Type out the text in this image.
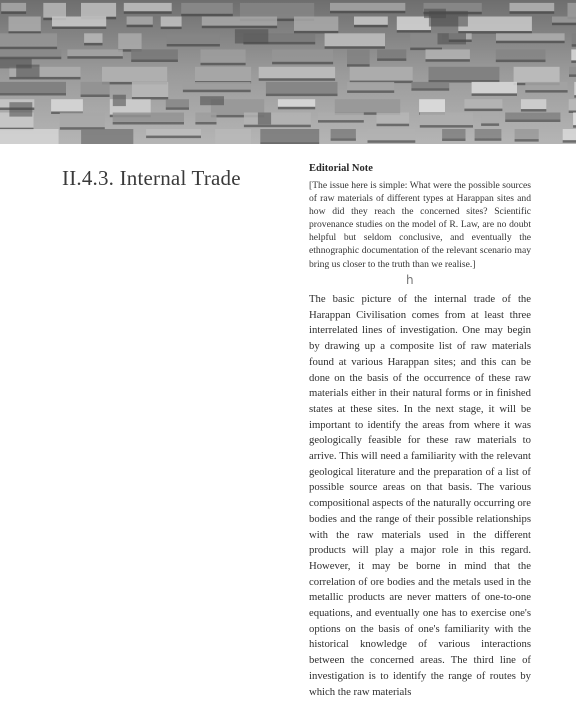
II.4.3. Internal Trade	Editorial Note

[The issue here is simple: What were the possible sources of raw materials of different types at Harappan sites and how did they reach the concerned sites? Scientific provenance studies on the model of R. Law, are no doubt helpful but seldom conclusive, and eventually the ethnographic documentation of the relevant scenario may bring us closer to the truth than we realise.]

h

The basic picture of the internal trade of the Harappan Civilisation comes from at least three interrelated lines of investigation. One may begin by drawing up a composite list of raw materials found at various Harappan sites; and this can be done on the basis of the occurrence of these raw materials either in their natural forms or in finished states at these sites. In the next stage, it will be important to identify the areas from where it was geologically feasible for these raw materials to arrive. This will need a familiarity with the relevant geological literature and the preparation of a list of possible source areas on that basis. The various compositional aspects of the naturally occurring ore bodies and the range of their possible relationships with the raw materials used in the different products will play a major role in this regard. However, it may be borne in mind that the correlation of ore bodies and the metals used in the metallic products are never matters of one-to-one equations, and eventually one has to exercise one's options on the basis of one's familiarity with the historical knowledge of various interactions between the concerned areas. The third line of investigation is to identify the range of routes by which the raw materials
